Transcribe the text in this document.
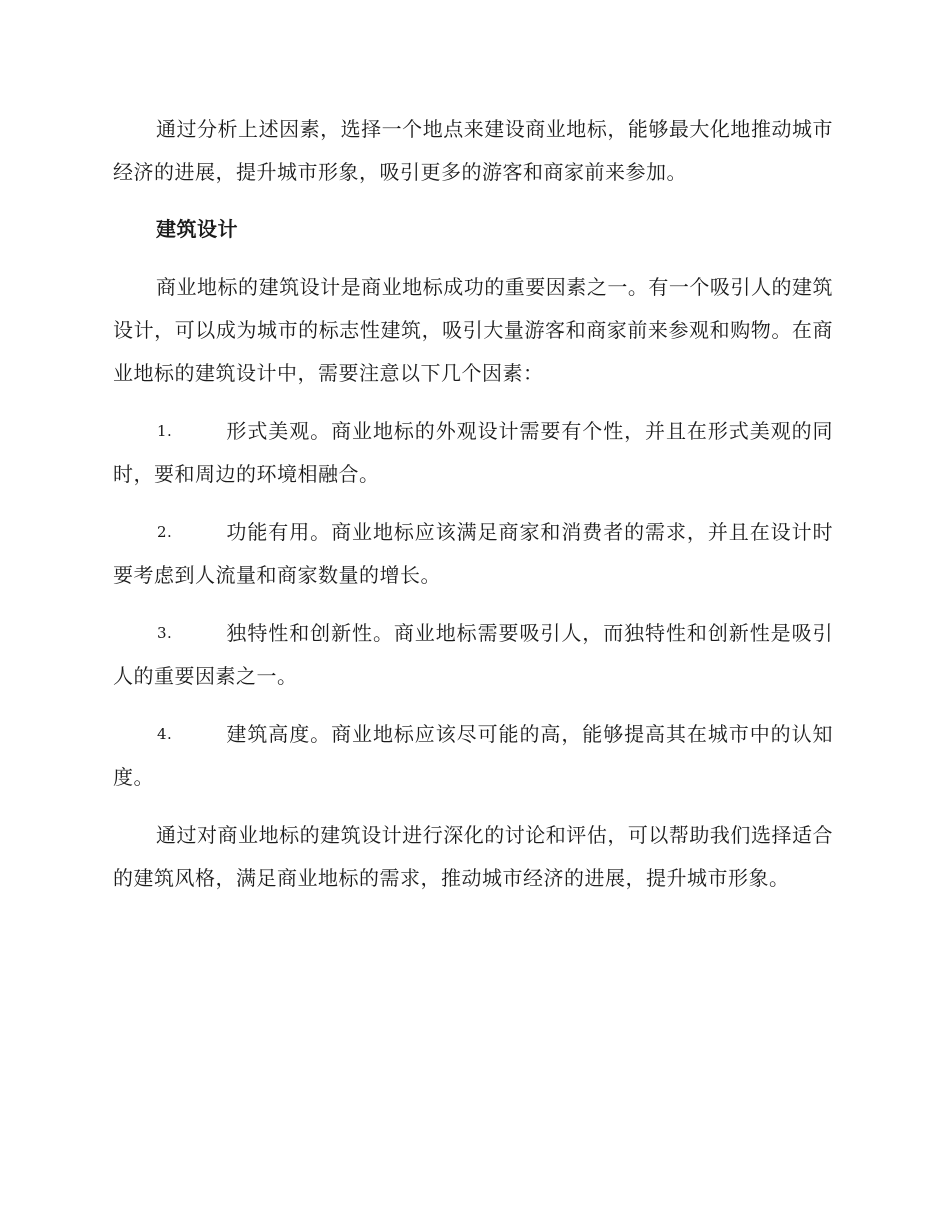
通过分析上述因素，选择一个地点来建设商业地标，能够最大化地推动城市经济的进展，提升城市形象，吸引更多的游客和商家前来参加。

建筑设计

商业地标的建筑设计是商业地标成功的重要因素之一。有一个吸引人的建筑设计，可以成为城市的标志性建筑，吸引大量游客和商家前来参观和购物。在商业地标的建筑设计中，需要注意以下几个因素：

1.	形式美观。商业地标的外观设计需要有个性，并且在形式美观的同时，要和周边的环境相融合。

2.	功能有用。商业地标应该满足商家和消费者的需求，并且在设计时要考虑到人流量和商家数量的增长。

3.	独特性和创新性。商业地标需要吸引人，而独特性和创新性是吸引人的重要因素之一。

4.	建筑高度。商业地标应该尽可能的高，能够提高其在城市中的认知度。

通过对商业地标的建筑设计进行深化的讨论和评估，可以帮助我们选择适合的建筑风格，满足商业地标的需求，推动城市经济的进展，提升城市形象。
